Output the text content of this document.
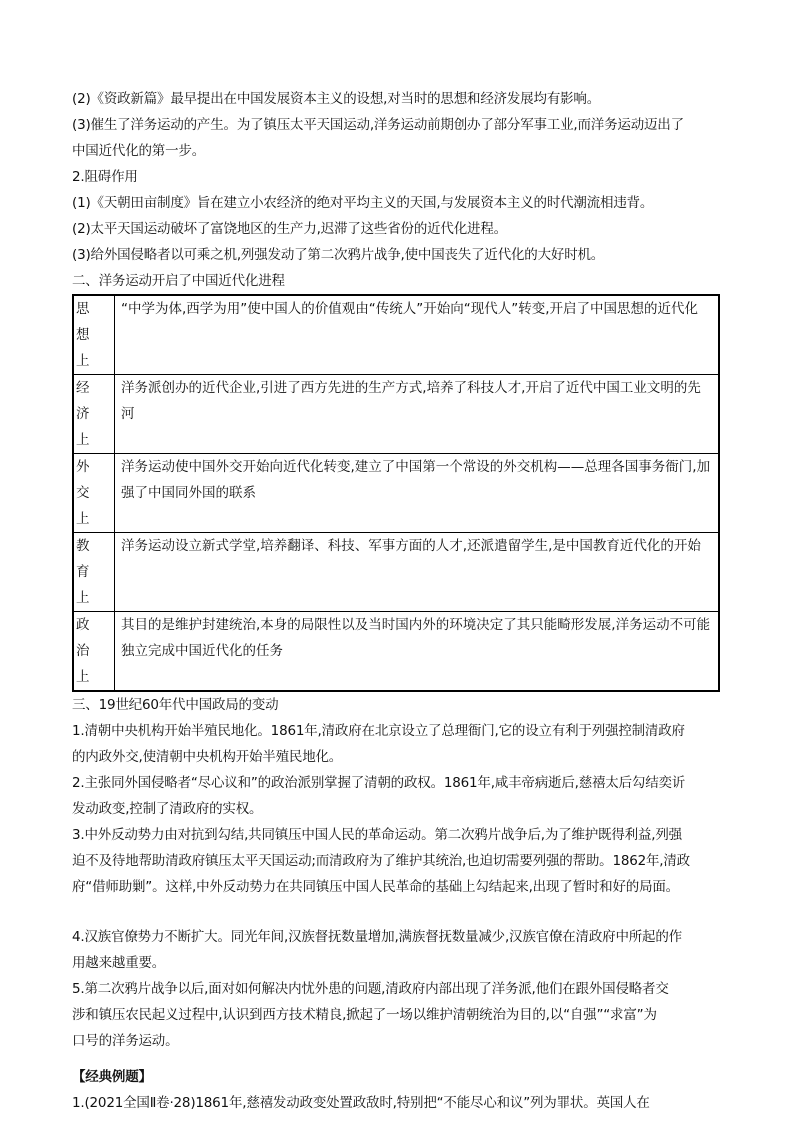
(2)《资政新篇》最早提出在中国发展资本主义的设想,对当时的思想和经济发展均有影响。
(3)催生了洋务运动的产生。为了镇压太平天国运动,洋务运动前期创办了部分军事工业,而洋务运动迈出了
中国近代化的第一步。
2.阻碍作用
(1)《天朝田亩制度》旨在建立小农经济的绝对平均主义的天国,与发展资本主义的时代潮流相违背。
(2)太平天国运动破坏了富饶地区的生产力,迟滞了这些省份的近代化进程。
(3)给外国侵略者以可乘之机,列强发动了第二次鸦片战争,使中国丧失了近代化的大好时机。
二、洋务运动开启了中国近代化进程
思想上	“中学为体,西学为用”使中国人的价值观由“传统人”开始向“现代人”转变,开启了中国思想的近代化
经济上	洋务派创办的近代企业,引进了西方先进的生产方式,培养了科技人才,开启了近代中国工业文明的先河
外交上	洋务运动使中国外交开始向近代化转变,建立了中国第一个常设的外交机构——总理各国事务衙门,加强了中国同外国的联系
教育上	洋务运动设立新式学堂,培养翻译、科技、军事方面的人才,还派遣留学生,是中国教育近代化的开始
政治上	其目的是维护封建统治,本身的局限性以及当时国内外的环境决定了其只能畸形发展,洋务运动不可能独立完成中国近代化的任务
三、19世纪60年代中国政局的变动
1.清朝中央机构开始半殖民地化。1861年,清政府在北京设立了总理衙门,它的设立有利于列强控制清政府
的内政外交,使清朝中央机构开始半殖民地化。
2.主张同外国侵略者“尽心议和”的政治派别掌握了清朝的政权。1861年,咸丰帝病逝后,慈禧太后勾结奕䜣
发动政变,控制了清政府的实权。
3.中外反动势力由对抗到勾结,共同镇压中国人民的革命运动。第二次鸦片战争后,为了维护既得利益,列强
迫不及待地帮助清政府镇压太平天国运动;而清政府为了维护其统治,也迫切需要列强的帮助。1862年,清政
府“借师助剿”。这样,中外反动势力在共同镇压中国人民革命的基础上勾结起来,出现了暂时和好的局面。
4.汉族官僚势力不断扩大。同光年间,汉族督抚数量增加,满族督抚数量减少,汉族官僚在清政府中所起的作
用越来越重要。
5.第二次鸦片战争以后,面对如何解决内忧外患的问题,清政府内部出现了洋务派,他们在跟外国侵略者交
涉和镇压农民起义过程中,认识到西方技术精良,掀起了一场以维护清朝统治为目的,以“自强”“求富”为
口号的洋务运动。
【经典例题】
1.(2021全国Ⅱ卷·28)1861年,慈禧发动政变处置政敌时,特别把“不能尽心和议”列为罪状。英国人在
